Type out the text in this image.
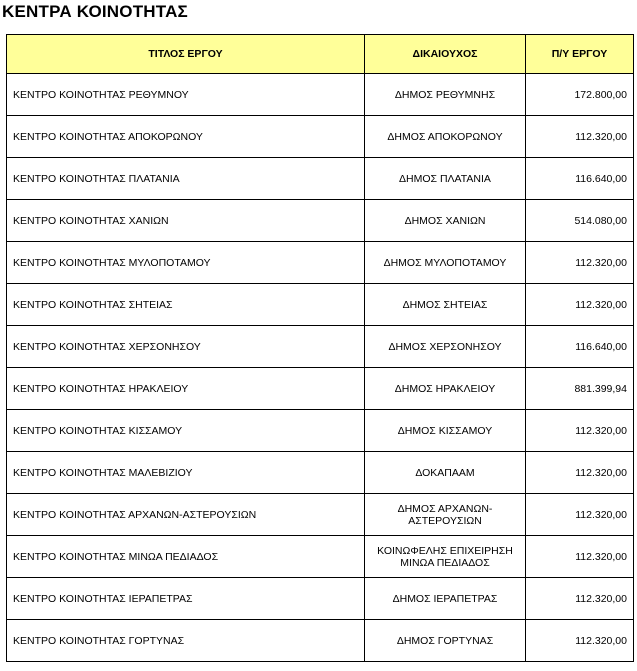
ΚΕΝΤΡΑ ΚΟΙΝΟΤΗΤΑΣ
ΤΙΤΛΟΣ ΕΡΓΟΥ	ΔΙΚΑΙΟΥΧΟΣ	Π/Υ ΕΡΓΟΥ
ΚΕΝΤΡΟ ΚΟΙΝΟΤΗΤΑΣ ΡΕΘΥΜΝΟΥ	ΔΗΜΟΣ ΡΕΘΥΜΝΗΣ	172.800,00
ΚΕΝΤΡΟ ΚΟΙΝΟΤΗΤΑΣ ΑΠΟΚΟΡΩΝΟΥ	ΔΗΜΟΣ ΑΠΟΚΟΡΩΝΟΥ	112.320,00
ΚΕΝΤΡΟ ΚΟΙΝΟΤΗΤΑΣ ΠΛΑΤΑΝΙΑ	ΔΗΜΟΣ ΠΛΑΤΑΝΙΑ	116.640,00
ΚΕΝΤΡΟ ΚΟΙΝΟΤΗΤΑΣ ΧΑΝΙΩΝ	ΔΗΜΟΣ ΧΑΝΙΩΝ	514.080,00
ΚΕΝΤΡΟ ΚΟΙΝΟΤΗΤΑΣ ΜΥΛΟΠΟΤΑΜΟΥ	ΔΗΜΟΣ ΜΥΛΟΠΟΤΑΜΟΥ	112.320,00
ΚΕΝΤΡΟ ΚΟΙΝΟΤΗΤΑΣ ΣΗΤΕΙΑΣ	ΔΗΜΟΣ ΣΗΤΕΙΑΣ	112.320,00
ΚΕΝΤΡΟ ΚΟΙΝΟΤΗΤΑΣ ΧΕΡΣΟΝΗΣΟΥ	ΔΗΜΟΣ ΧΕΡΣΟΝΗΣΟΥ	116.640,00
ΚΕΝΤΡΟ ΚΟΙΝΟΤΗΤΑΣ ΗΡΑΚΛΕΙΟΥ	ΔΗΜΟΣ ΗΡΑΚΛΕΙΟΥ	881.399,94
ΚΕΝΤΡΟ ΚΟΙΝΟΤΗΤΑΣ ΚΙΣΣΑΜΟΥ	ΔΗΜΟΣ ΚΙΣΣΑΜΟΥ	112.320,00
ΚΕΝΤΡΟ ΚΟΙΝΟΤΗΤΑΣ ΜΑΛΕΒΙΖΙΟΥ	ΔΟΚΑΠΑΑΜ	112.320,00
ΚΕΝΤΡΟ ΚΟΙΝΟΤΗΤΑΣ ΑΡΧΑΝΩΝ-ΑΣΤΕΡΟΥΣΙΩΝ	ΔΗΜΟΣ ΑΡΧΑΝΩΝ-ΑΣΤΕΡΟΥΣΙΩΝ	112.320,00
ΚΕΝΤΡΟ ΚΟΙΝΟΤΗΤΑΣ ΜΙΝΩΑ ΠΕΔΙΑΔΟΣ	ΚΟΙΝΩΦΕΛΗΣ ΕΠΙΧΕΙΡΗΣΗ ΜΙΝΩΑ ΠΕΔΙΑΔΟΣ	112.320,00
ΚΕΝΤΡΟ ΚΟΙΝΟΤΗΤΑΣ ΙΕΡΑΠΕΤΡΑΣ	ΔΗΜΟΣ ΙΕΡΑΠΕΤΡΑΣ	112.320,00
ΚΕΝΤΡΟ ΚΟΙΝΟΤΗΤΑΣ ΓΟΡΤΥΝΑΣ	ΔΗΜΟΣ ΓΟΡΤΥΝΑΣ	112.320,00
